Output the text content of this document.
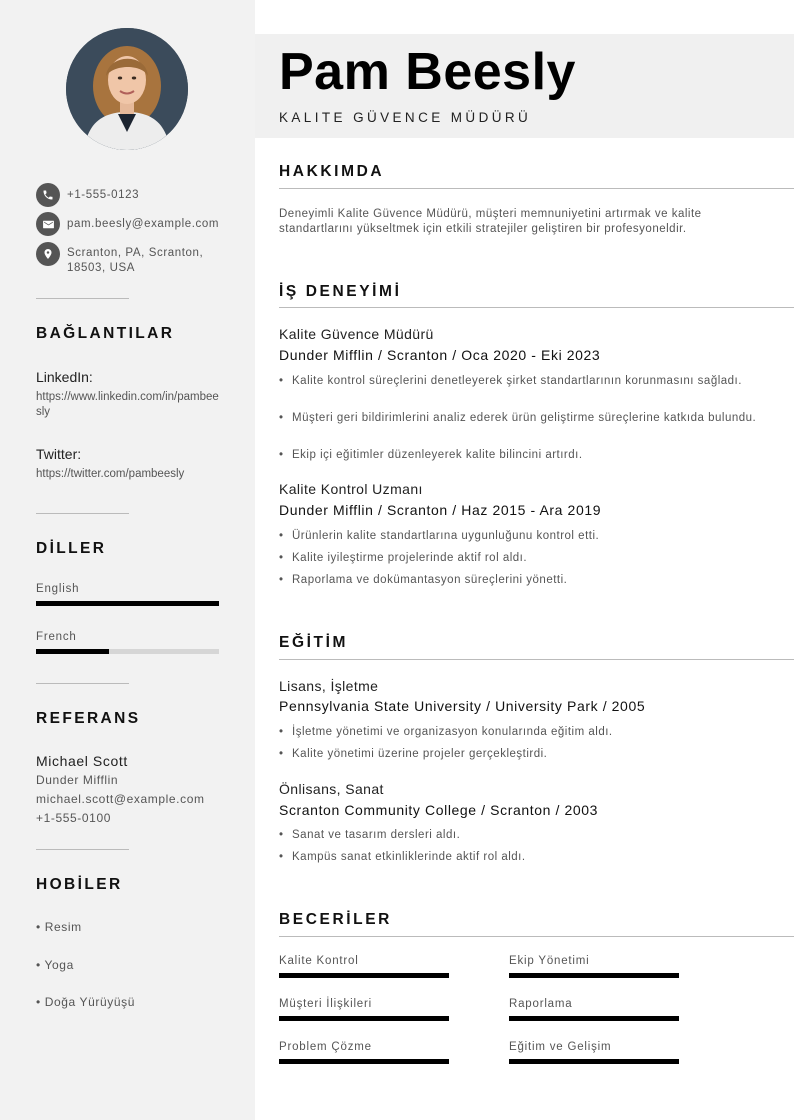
+1-555-0123
pam.beesly@example.com
Scranton, PA, Scranton, 18503, USA
BAĞLANTILAR
LinkedIn:
https://www.linkedin.com/in/pambeesly
Twitter:
https://twitter.com/pambeesly
DİLLER
English
French
REFERANS
Michael Scott
Dunder Mifflin
michael.scott@example.com
+1-555-0100
HOBİLER
• Resim
• Yoga
• Doğa Yürüyüşü
Pam Beesly
KALITE GÜVENCE MÜDÜRÜ
HAKKIMDA
Deneyimli Kalite Güvence Müdürü, müşteri memnuniyetini artırmak ve kalite standartlarını yükseltmek için etkili stratejiler geliştiren bir profesyoneldir.
İŞ DENEYİMİ
Kalite Güvence Müdürü
Dunder Mifflin / Scranton / Oca 2020 - Eki 2023
• Kalite kontrol süreçlerini denetleyerek şirket standartlarının korunmasını sağladı.
• Müşteri geri bildirimlerini analiz ederek ürün geliştirme süreçlerine katkıda bulundu.
• Ekip içi eğitimler düzenleyerek kalite bilincini artırdı.
Kalite Kontrol Uzmanı
Dunder Mifflin / Scranton / Haz 2015 - Ara 2019
• Ürünlerin kalite standartlarına uygunluğunu kontrol etti.
• Kalite iyileştirme projelerinde aktif rol aldı.
• Raporlama ve dokümantasyon süreçlerini yönetti.
EĞİTİM
Lisans, İşletme
Pennsylvania State University / University Park / 2005
• İşletme yönetimi ve organizasyon konularında eğitim aldı.
• Kalite yönetimi üzerine projeler gerçekleştirdi.
Önlisans, Sanat
Scranton Community College / Scranton / 2003
• Sanat ve tasarım dersleri aldı.
• Kampüs sanat etkinliklerinde aktif rol aldı.
BECERİLER
Kalite Kontrol	Ekip Yönetimi
Müşteri İlişkileri	Raporlama
Problem Çözme	Eğitim ve Gelişim
